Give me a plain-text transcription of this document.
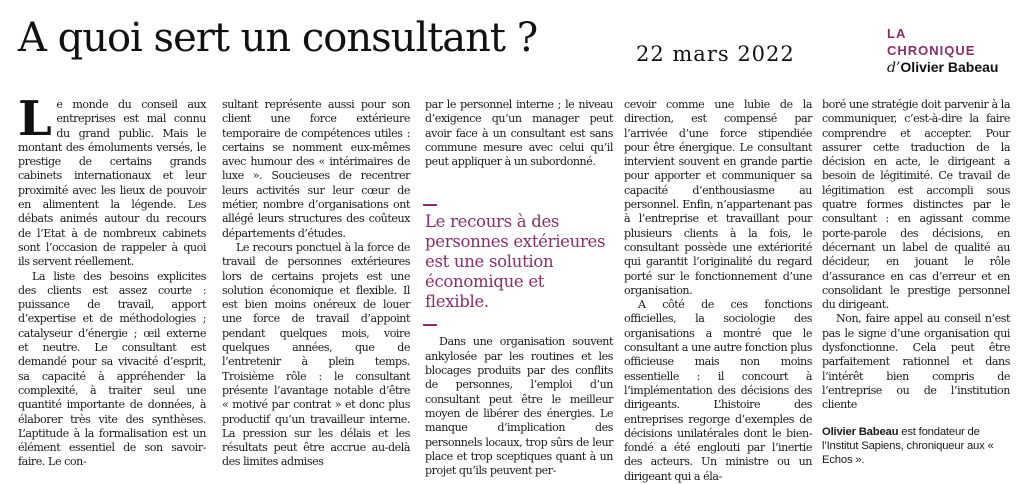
A quoi sert un consultant ?	22 mars 2022
LA
CHRONIQUE
d’Olivier Babeau

Le monde du conseil aux entreprises est mal connu du grand public. Mais le montant des émoluments versés, le prestige de certains grands cabinets internationaux et leur proximité avec les lieux de pouvoir en alimentent la légende. Les débats animés autour du recours de l’Etat à de nombreux cabinets sont l’occasion de rappeler à quoi ils servent réellement.

La liste des besoins explicites des clients est assez courte : puissance de travail, apport d’expertise et de méthodologies ; catalyseur d’énergie ; œil externe et neutre. Le consultant est demandé pour sa vivacité d’esprit, sa capacité à appréhender la complexité, à traiter seul une quantité importante de données, à élaborer très vite des synthèses. L’aptitude à la formalisation est un élément essentiel de son savoir-faire. Le con-

sultant représente aussi pour son client une force extérieure temporaire de compétences utiles : certains se nomment eux-mêmes avec humour des « intérimaires de luxe ». Soucieuses de recentrer leurs activités sur leur cœur de métier, nombre d’organisations ont allégé leurs structures des coûteux départements d’études.

Le recours ponctuel à la force de travail de personnes extérieures lors de certains projets est une solution économique et flexible. Il est bien moins onéreux de louer une force de travail d’appoint pendant quelques mois, voire quelques années, que de l’entretenir à plein temps. Troisième rôle : le consultant présente l’avantage notable d’être « motivé par contrat » et donc plus productif qu’un travailleur interne. La pression sur les délais et les résultats peut être accrue au-delà des limites admises

par le personnel interne ; le niveau d’exigence qu’un manager peut avoir face à un consultant est sans commune mesure avec celui qu’il peut appliquer à un subordonné.

Dans une organisation souvent ankylosée par les routines et les blocages produits par des conflits de personnes, l’emploi d’un consultant peut être le meilleur moyen de libérer des énergies. Le manque d’implication des personnels locaux, trop sûrs de leur place et trop sceptiques quant à un projet qu’ils peuvent per-

Le recours à des personnes extérieures est une solution économique et flexible.

cevoir comme une lubie de la direction, est compensé par l’arrivée d’une force stipendiée pour être énergique. Le consultant intervient souvent en grande partie pour apporter et communiquer sa capacité d’enthousiasme au personnel. Enfin, n’appartenant pas à l’entreprise et travaillant pour plusieurs clients à la fois, le consultant possède une extériorité qui garantit l’originalité du regard porté sur le fonctionnement d’une organisation.

A côté de ces fonctions officielles, la sociologie des organisations a montré que le consultant a une autre fonction plus officieuse mais non moins essentielle : il concourt à l’implémentation des décisions des dirigeants. L’histoire des entreprises regorge d’exemples de décisions unilatérales dont le bien-fondé a été englouti par l’inertie des acteurs. Un ministre ou un dirigeant qui a éla-

boré une stratégie doit parvenir à la communiquer, c’est-à-dire la faire comprendre et accepter. Pour assurer cette traduction de la décision en acte, le dirigeant a besoin de légitimité. Ce travail de légitimation est accompli sous quatre formes distinctes par le consultant : en agissant comme porte-parole des décisions, en décernant un label de qualité au décideur, en jouant le rôle d’assurance en cas d’erreur et en consolidant le prestige personnel du dirigeant.

Non, faire appel au conseil n’est pas le signe d’une organisation qui dysfonctionne. Cela peut être parfaitement rationnel et dans l’intérêt bien compris de l’entreprise ou de l’institution cliente

Olivier Babeau est fondateur de l’Institut Sapiens, chroniqueur aux « Echos ».
